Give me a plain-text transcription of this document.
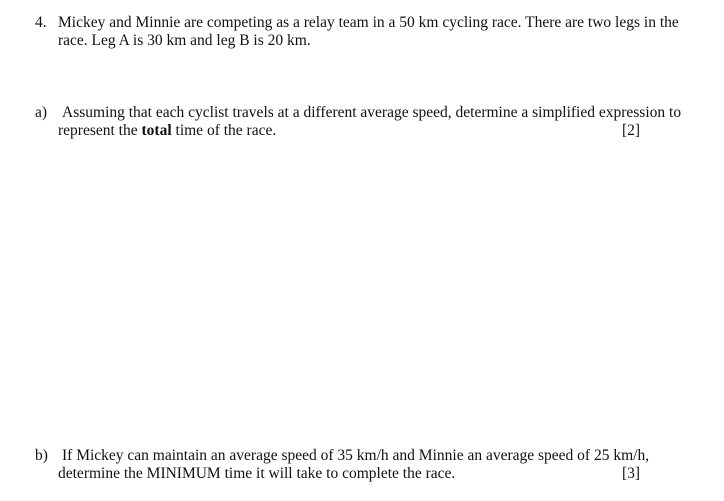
4. Mickey and Minnie are competing as a relay team in a 50 km cycling race. There are two legs in the
race. Leg A is 30 km and leg B is 20 km.
a) Assuming that each cyclist travels at a different average speed, determine a simplified expression to
represent the total time of the race.	[2]
b) If Mickey can maintain an average speed of 35 km/h and Minnie an average speed of 25 km/h,
determine the MINIMUM time it will take to complete the race.	[3]
